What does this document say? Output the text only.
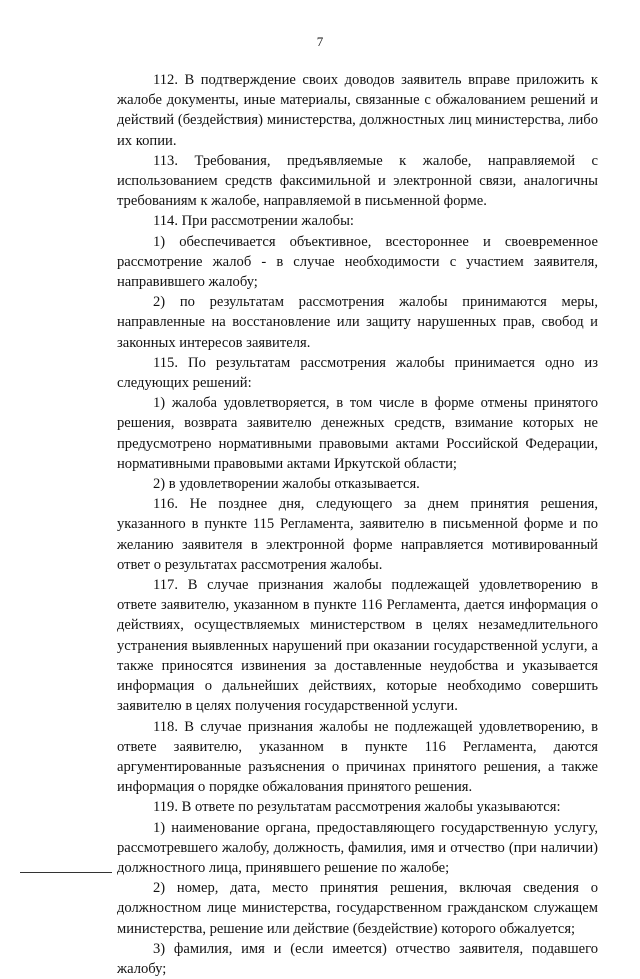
7

112. В подтверждение своих доводов заявитель вправе приложить к жалобе документы, иные материалы, связанные с обжалованием решений и действий (бездействия) министерства, должностных лиц министерства, либо их копии.

113. Требования, предъявляемые к жалобе, направляемой с использованием средств факсимильной и электронной связи, аналогичны требованиям к жалобе, направляемой в письменной форме.

114. При рассмотрении жалобы:

1) обеспечивается объективное, всестороннее и своевременное рассмотрение жалоб - в случае необходимости с участием заявителя, направившего жалобу;

2) по результатам рассмотрения жалобы принимаются меры, направленные на восстановление или защиту нарушенных прав, свобод и законных интересов заявителя.

115. По результатам рассмотрения жалобы принимается одно из следующих решений:

1) жалоба удовлетворяется, в том числе в форме отмены принятого решения, возврата заявителю денежных средств, взимание которых не предусмотрено нормативными правовыми актами Российской Федерации, нормативными правовыми актами Иркутской области;

2) в удовлетворении жалобы отказывается.

116. Не позднее дня, следующего за днем принятия решения, указанного в пункте 115 Регламента, заявителю в письменной форме и по желанию заявителя в электронной форме направляется мотивированный ответ о результатах рассмотрения жалобы.

117. В случае признания жалобы подлежащей удовлетворению в ответе заявителю, указанном в пункте 116 Регламента, дается информация о действиях, осуществляемых министерством в целях незамедлительного устранения выявленных нарушений при оказании государственной услуги, а также приносятся извинения за доставленные неудобства и указывается информация о дальнейших действиях, которые необходимо совершить заявителю в целях получения государственной услуги.

118. В случае признания жалобы не подлежащей удовлетворению, в ответе заявителю, указанном в пункте 116 Регламента, даются аргументированные разъяснения о причинах принятого решения, а также информация о порядке обжалования принятого решения.

119. В ответе по результатам рассмотрения жалобы указываются:

1) наименование органа, предоставляющего государственную услугу, рассмотревшего жалобу, должность, фамилия, имя и отчество (при наличии) должностного лица, принявшего решение по жалобе;

2) номер, дата, место принятия решения, включая сведения о должностном лице министерства, государственном гражданском служащем министерства, решение или действие (бездействие) которого обжалуется;

3) фамилия, имя и (если имеется) отчество заявителя, подавшего жалобу;
